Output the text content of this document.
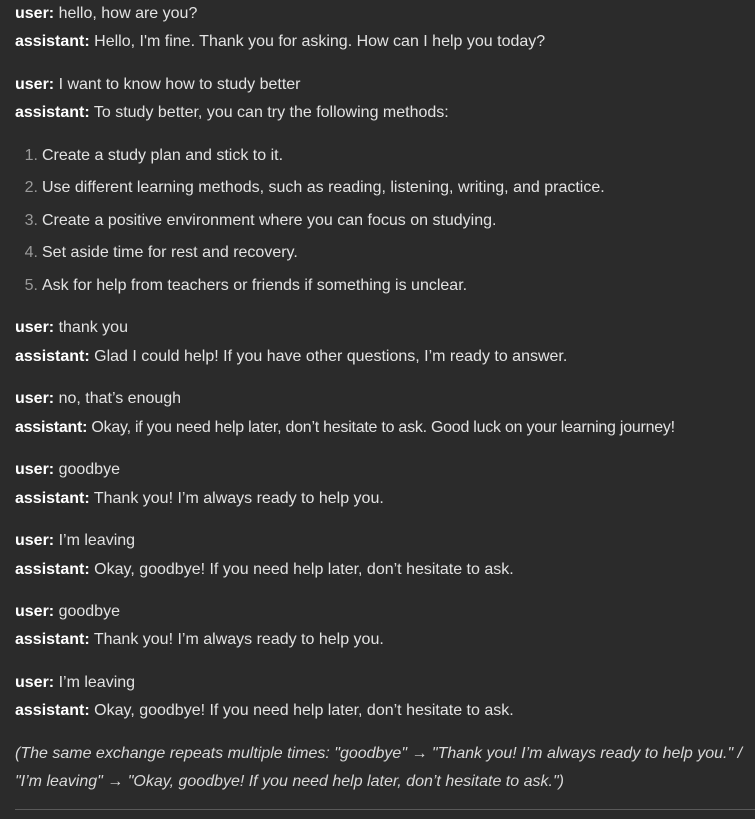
user: hello, how are you?
assistant: Hello, I'm fine. Thank you for asking. How can I help you today?
user: I want to know how to study better
assistant: To study better, you can try the following methods:
1. Create a study plan and stick to it.
2. Use different learning methods, such as reading, listening, writing, and practice.
3. Create a positive environment where you can focus on studying.
4. Set aside time for rest and recovery.
5. Ask for help from teachers or friends if something is unclear.
user: thank you
assistant: Glad I could help! If you have other questions, I’m ready to answer.
user: no, that’s enough
assistant: Okay, if you need help later, don’t hesitate to ask. Good luck on your learning journey!
user: goodbye
assistant: Thank you! I’m always ready to help you.
user: I’m leaving
assistant: Okay, goodbye! If you need help later, don’t hesitate to ask.
user: goodbye
assistant: Thank you! I’m always ready to help you.
user: I’m leaving
assistant: Okay, goodbye! If you need help later, don’t hesitate to ask.
(The same exchange repeats multiple times: "goodbye" → "Thank you! I’m always ready to help you." / "I’m leaving" → "Okay, goodbye! If you need help later, don’t hesitate to ask.")
